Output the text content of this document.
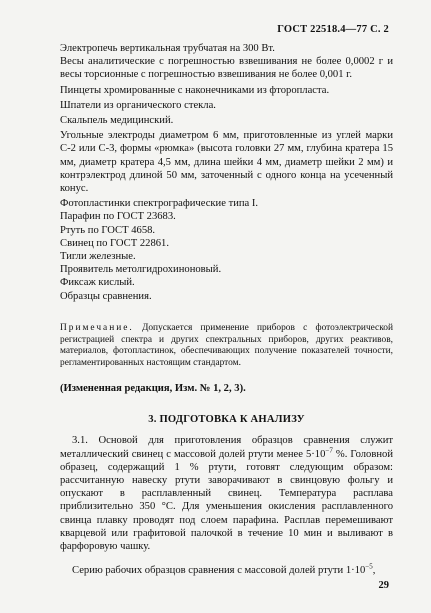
ГОСТ 22518.4—77 С. 2

Электропечь вертикальная трубчатая на 300 Вт.

Весы аналитические с погрешностью взвешивания не более 0,0002 г и весы торсионные с погрешностью взвешивания не более 0,001 г.

Пинцеты хромированные с наконечниками из фторопласта.

Шпатели из органического стекла.

Скальпель медицинский.

Угольные электроды диаметром 6 мм, приготовленные из углей марки С-2 или С-3, формы «рюмка» (высота головки 27 мм, глубина кратера 15 мм, диаметр кратера 4,5 мм, длина шейки 4 мм, диаметр шейки 2 мм) и контрэлектрод длиной 50 мм, заточенный с одного конца на усеченный конус.

Фотопластинки спектрографические типа I.

Парафин по ГОСТ 23683.

Ртуть по ГОСТ 4658.

Свинец по ГОСТ 22861.

Тигли железные.

Проявитель метолгидрохиноновый.

Фиксаж кислый.

Образцы сравнения.

Примечание. Допускается применение приборов с фотоэлектрической регистрацией спектра и других спектральных приборов, других реактивов, материалов, фотопластинок, обеспечивающих получение показателей точности, регламентированных настоящим стандартом.
(Измененная редакция, Изм. № 1, 2, 3).
3. ПОДГОТОВКА К АНАЛИЗУ

3.1. Основой для приготовления образцов сравнения служит металлический свинец с массовой долей ртути менее $5\cdot 10^{-7}$ %. Головной образец, содержащий 1 % ртути, готовят следующим образом: рассчитанную навеску ртути заворачивают в свинцовую фольгу и опускают в расплавленный свинец. Температура расплава приблизительно 350 °С. Для уменьшения окисления расплавленного свинца плавку проводят под слоем парафина. Расплав перемешивают кварцевой или графитовой палочкой в течение 10 мин и выливают в фарфоровую чашку.

Серию рабочих образцов сравнения с массовой долей ртути $1\cdot 10^{-5}$,

29
